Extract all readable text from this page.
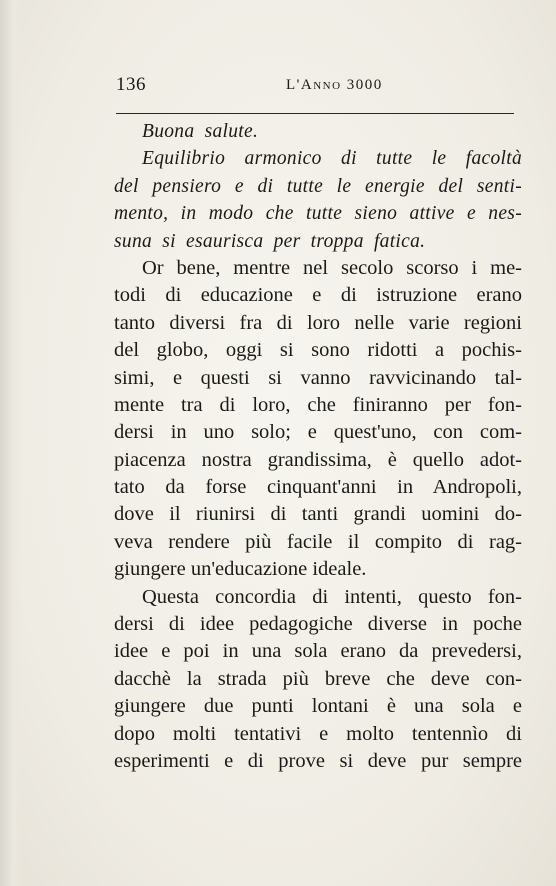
136	L'Anno 3000
Buona salute.
Equilibrio armonico di tutte le facoltà
del pensiero e di tutte le energie del senti-
mento, in modo che tutte sieno attive e nes-
suna si esaurisca per troppa fatica.
Or bene, mentre nel secolo scorso i me-
todi di educazione e di istruzione erano
tanto diversi fra di loro nelle varie regioni
del globo, oggi si sono ridotti a pochis-
simi, e questi si vanno ravvicinando tal-
mente tra di loro, che finiranno per fon-
dersi in uno solo; e quest'uno, con com-
piacenza nostra grandissima, è quello adot-
tato da forse cinquant'anni in Andropoli,
dove il riunirsi di tanti grandi uomini do-
veva rendere più facile il compito di rag-
giungere un'educazione ideale.
Questa concordia di intenti, questo fon-
dersi di idee pedagogiche diverse in poche
idee e poi in una sola erano da prevedersi,
dacchè la strada più breve che deve con-
giungere due punti lontani è una sola e
dopo molti tentativi e molto tentennìo di
esperimenti e di prove si deve pur sempre
